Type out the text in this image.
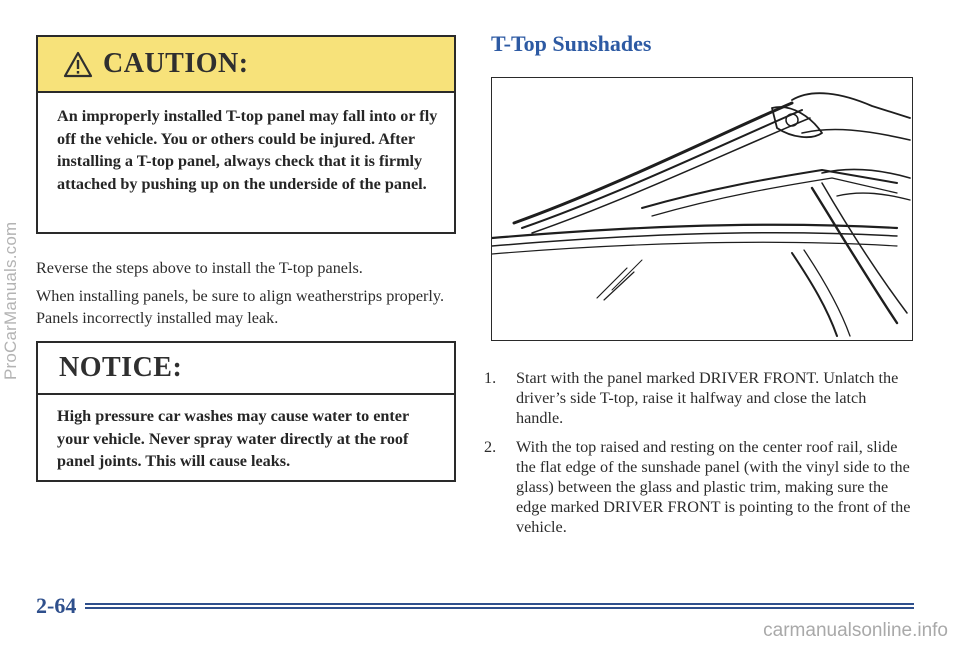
ProCarManuals.com
CAUTION:
An improperly installed T-top panel may fall into or fly off the vehicle. You or others could be injured. After installing a T-top panel, always check that it is firmly attached by pushing up on the underside of the panel.
Reverse the steps above to install the T-top panels.
When installing panels, be sure to align weatherstrips properly. Panels incorrectly installed may leak.
NOTICE:
High pressure car washes may cause water to enter your vehicle. Never spray water directly at the roof panel joints. This will cause leaks.
T-Top Sunshades
1.	Start with the panel marked DRIVER FRONT. Unlatch the driver’s side T-top, raise it halfway and close the latch handle.
2.	With the top raised and resting on the center roof rail, slide the flat edge of the sunshade panel (with the vinyl side to the glass) between the glass and plastic trim, making sure the edge marked DRIVER FRONT is pointing to the front of the vehicle.
2-64
carmanualsonline.info
